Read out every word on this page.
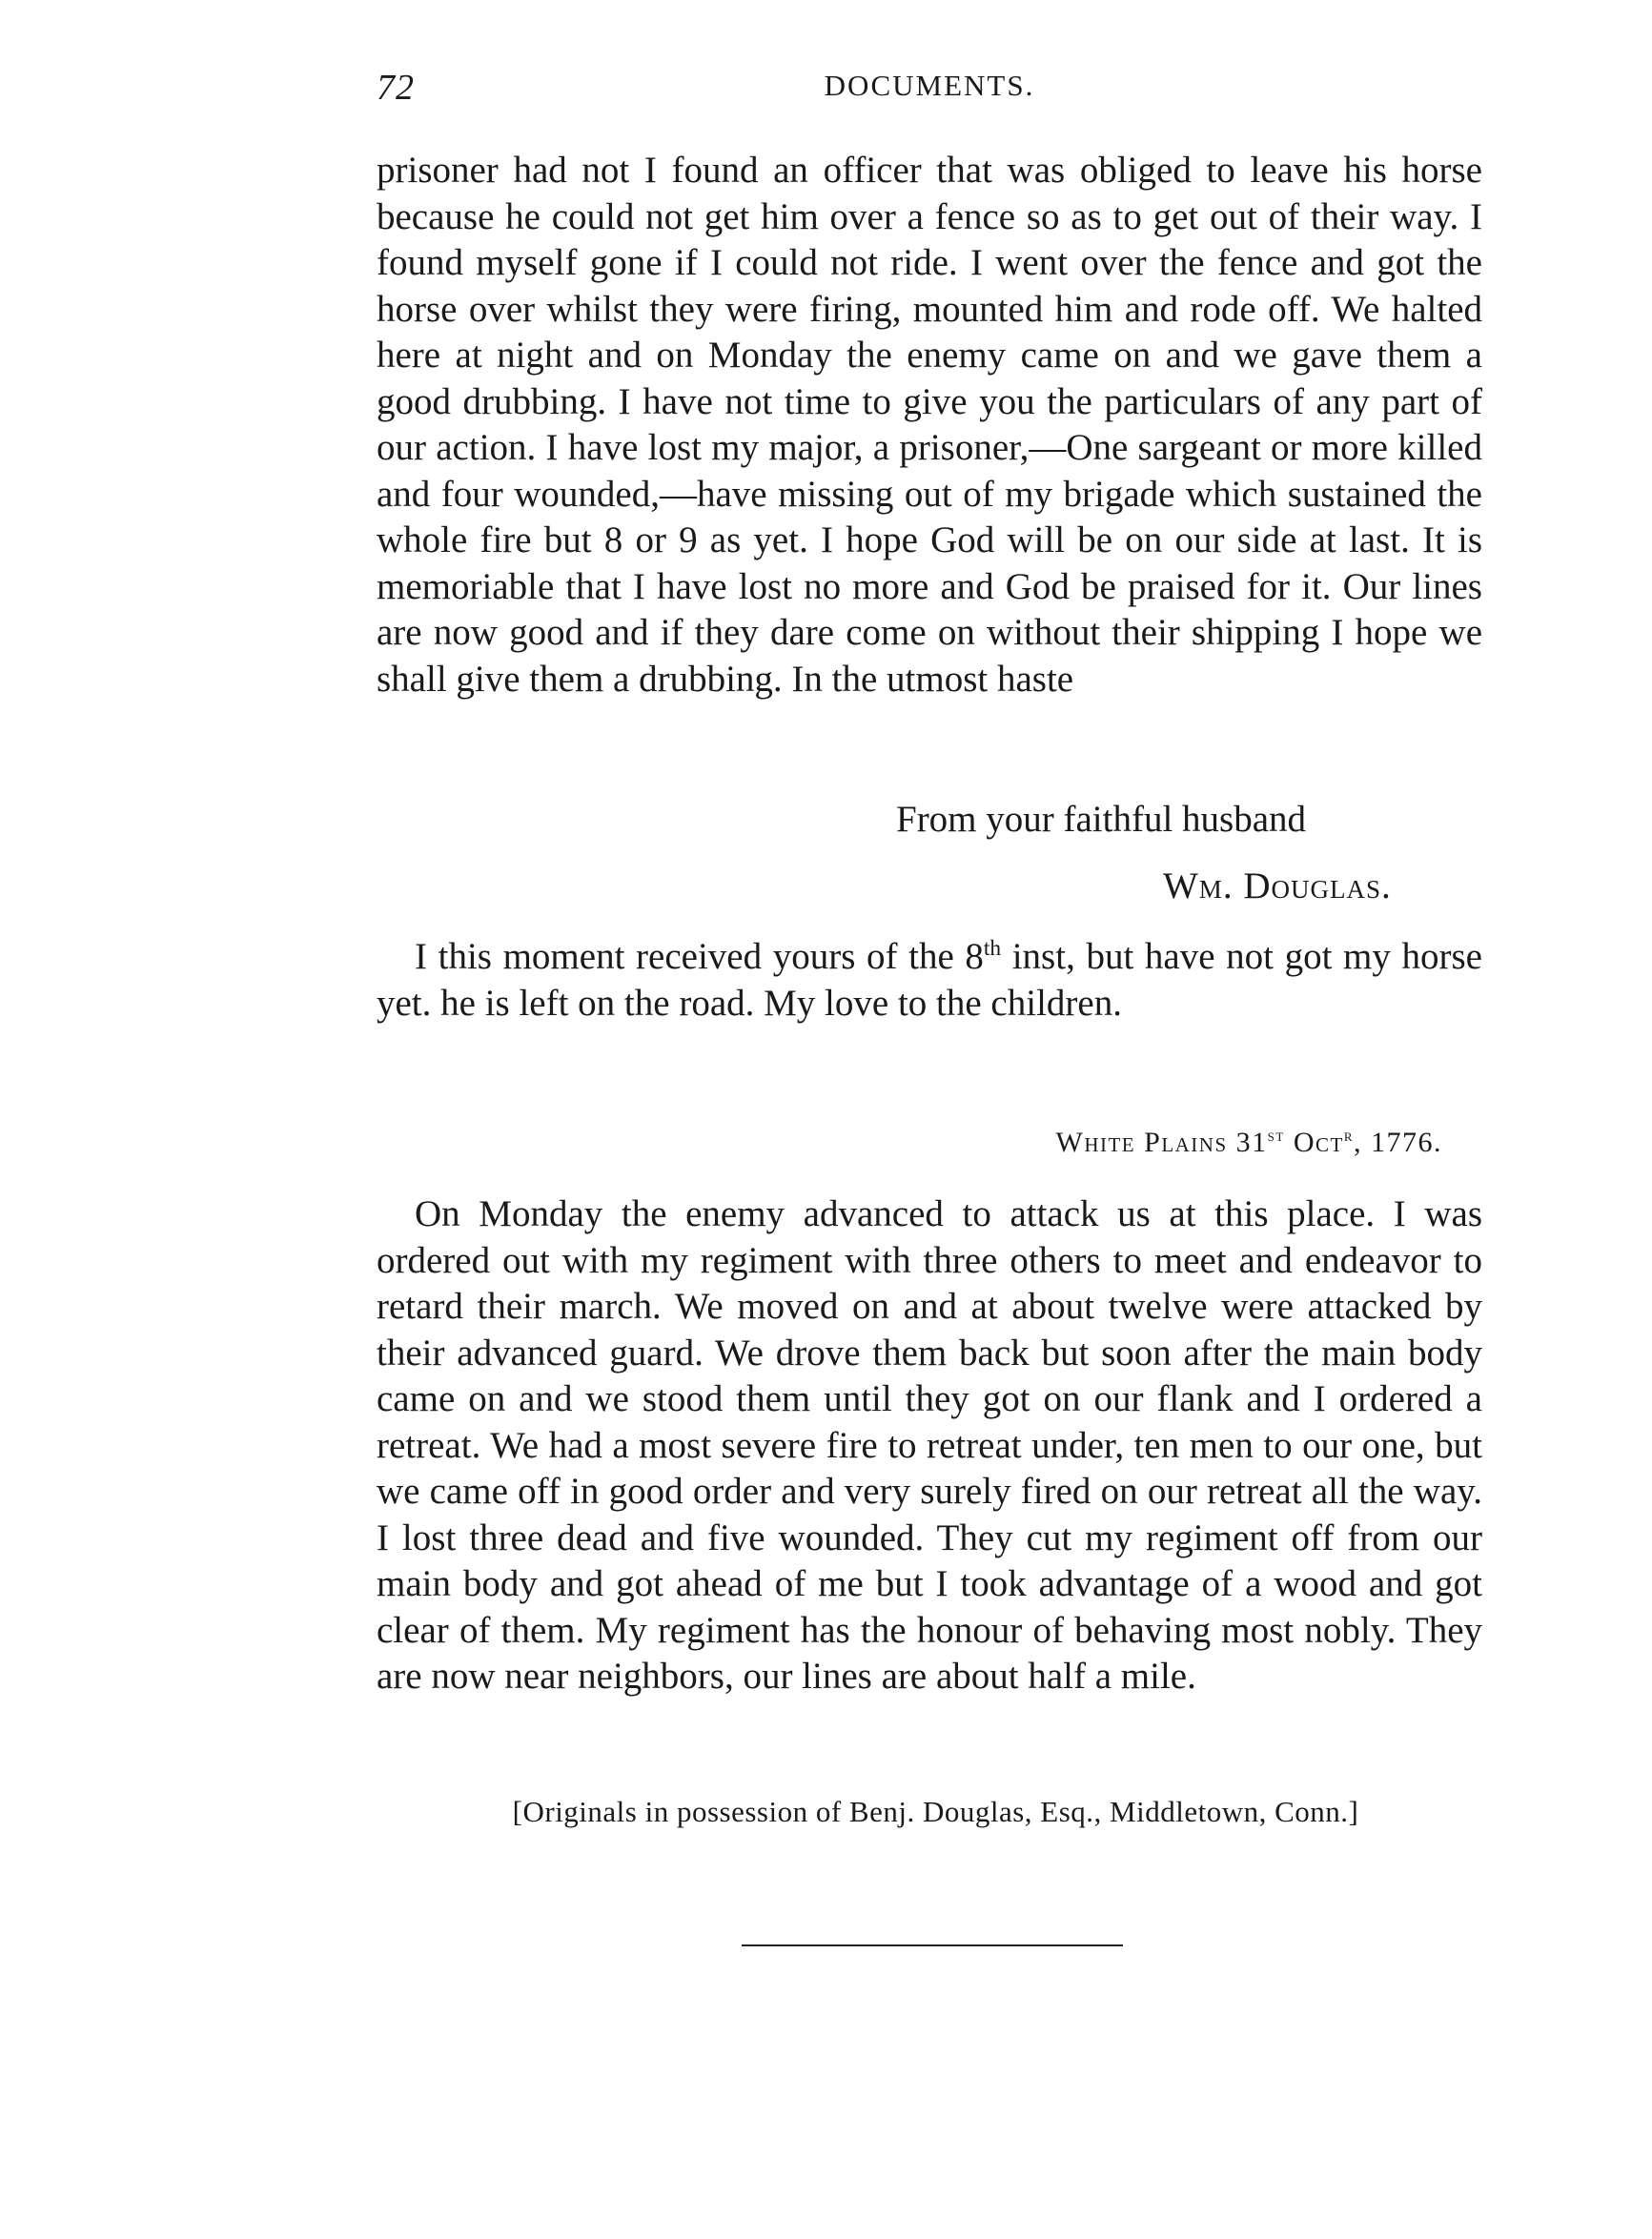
72	DOCUMENTS.

prisoner had not I found an officer that was obliged to leave his horse because he could not get him over a fence so as to get out of their way. I found myself gone if I could not ride. I went over the fence and got the horse over whilst they were firing, mounted him and rode off. We halted here at night and on Monday the enemy came on and we gave them a good drubbing. I have not time to give you the particulars of any part of our action. I have lost my major, a prisoner,—One sargeant or more killed and four wounded,—have missing out of my brigade which sustained the whole fire but 8 or 9 as yet. I hope God will be on our side at last. It is memoriable that I have lost no more and God be praised for it. Our lines are now good and if they dare come on without their shipping I hope we shall give them a drubbing. In the utmost haste

From your faithful husband
Wm. Douglas.

I this moment received yours of the 8th inst, but have not got my horse yet. he is left on the road. My love to the children.

White Plains 31st Oct$^r$, 1776.

On Monday the enemy advanced to attack us at this place. I was ordered out with my regiment with three others to meet and endeavor to retard their march. We moved on and at about twelve were attacked by their advanced guard. We drove them back but soon after the main body came on and we stood them until they got on our flank and I ordered a retreat. We had a most severe fire to retreat under, ten men to our one, but we came off in good order and very surely fired on our retreat all the way. I lost three dead and five wounded. They cut my regiment off from our main body and got ahead of me but I took advantage of a wood and got clear of them. My regiment has the honour of behaving most nobly. They are now near neighbors, our lines are about half a mile.

[Originals in possession of Benj. Douglas, Esq., Middletown, Conn.]
